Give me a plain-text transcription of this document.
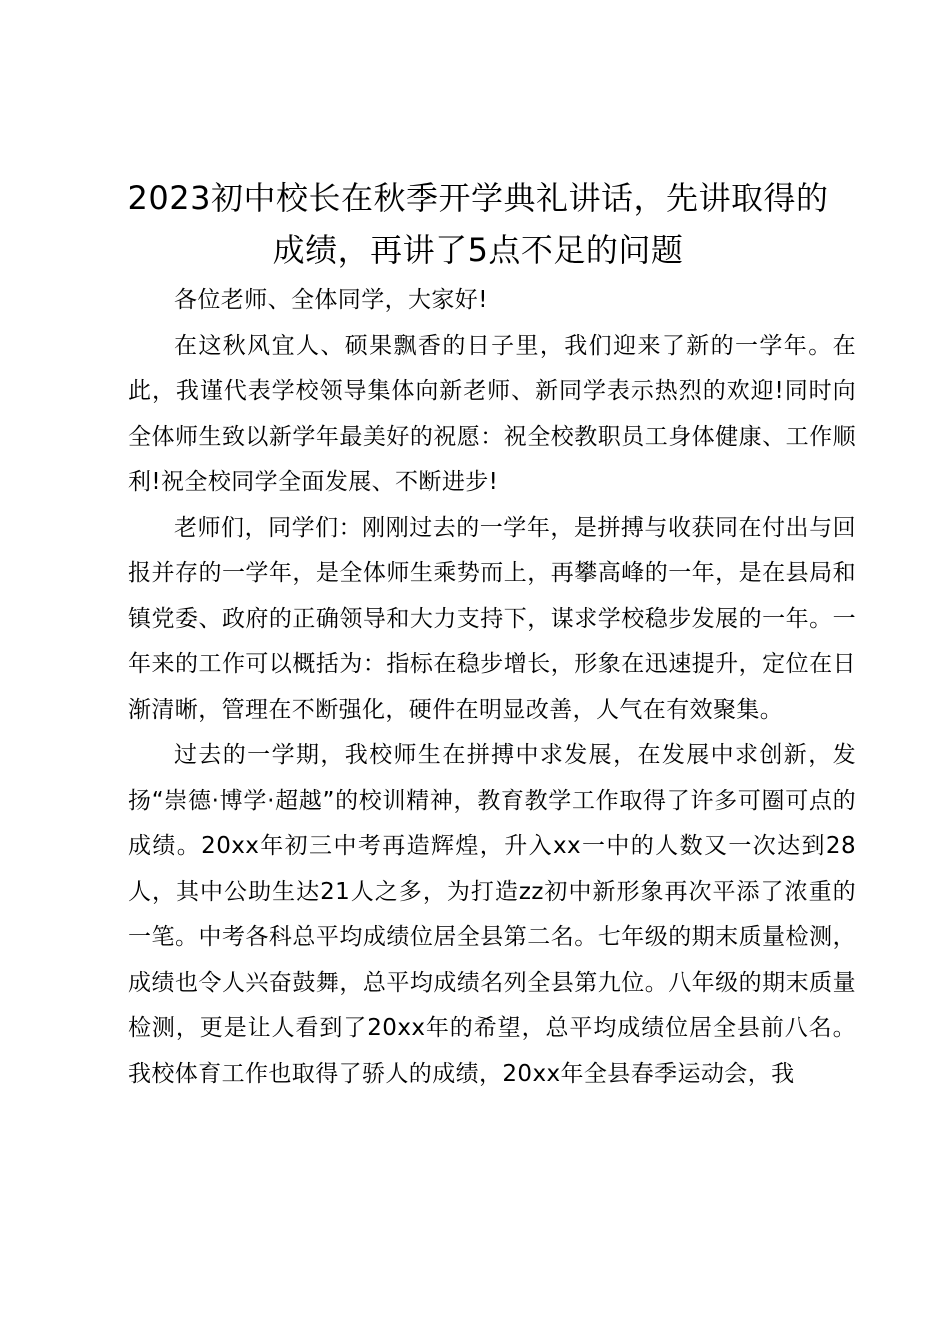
2023初中校长在秋季开学典礼讲话，先讲取得的成绩，再讲了5点不足的问题

各位老师、全体同学，大家好!

在这秋风宜人、硕果飘香的日子里，我们迎来了新的一学年。在此，我谨代表学校领导集体向新老师、新同学表示热烈的欢迎!同时向全体师生致以新学年最美好的祝愿：祝全校教职员工身体健康、工作顺利!祝全校同学全面发展、不断进步!

老师们，同学们：刚刚过去的一学年，是拼搏与收获同在付出与回报并存的一学年，是全体师生乘势而上，再攀高峰的一年，是在县局和镇党委、政府的正确领导和大力支持下，谋求学校稳步发展的一年。一年来的工作可以概括为：指标在稳步增长，形象在迅速提升，定位在日渐清晰，管理在不断强化，硬件在明显改善，人气在有效聚集。

过去的一学期，我校师生在拼搏中求发展，在发展中求创新，发扬“崇德·博学·超越”的校训精神，教育教学工作取得了许多可圈可点的成绩。20xx年初三中考再造辉煌，升入xx一中的人数又一次达到28人，其中公助生达21人之多，为打造zz初中新形象再次平添了浓重的一笔。中考各科总平均成绩位居全县第二名。七年级的期末质量检测，成绩也令人兴奋鼓舞，总平均成绩名列全县第九位。八年级的期末质量检测，更是让人看到了20xx年的希望，总平均成绩位居全县前八名。我校体育工作也取得了骄人的成绩，20xx年全县春季运动会，我
